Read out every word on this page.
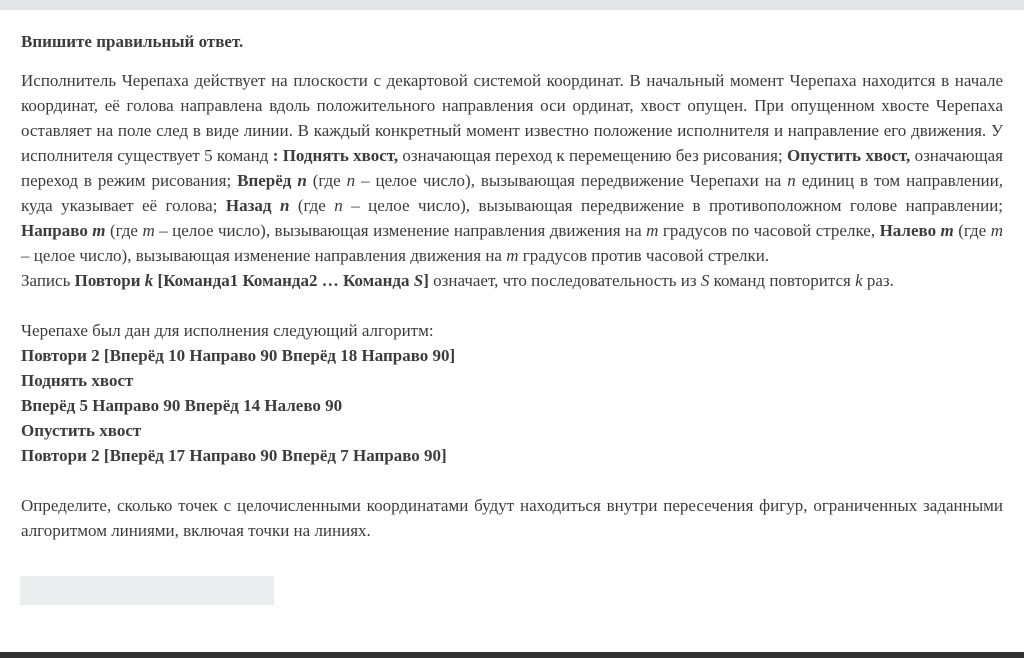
Впишите правильный ответ.

Исполнитель Черепаха действует на плоскости с декартовой системой координат. В начальный момент Черепаха находится в начале координат, её голова направлена вдоль положительного направления оси ординат, хвост опущен. При опущенном хвосте Черепаха оставляет на поле след в виде линии. В каждый конкретный момент известно положение исполнителя и направление его движения. У исполнителя существует 5 команд : Поднять хвост, означающая переход к перемещению без рисования; Опустить хвост, означающая переход в режим рисования; Вперёд n (где n – целое число), вызывающая передвижение Черепахи на n единиц в том направлении, куда указывает её голова; Назад n (где n – целое число), вызывающая передвижение в противоположном голове направлении; Направо m (где m – целое число), вызывающая изменение направления движения на m градусов по часовой стрелке, Налево m (где m – целое число), вызывающая изменение направления движения на m градусов против часовой стрелки.

Запись Повтори k [Команда1 Команда2 … Команда S] означает, что последовательность из S команд повторится k раз.

Черепахе был дан для исполнения следующий алгоритм:

Повтори 2 [Вперёд 10 Направо 90 Вперёд 18 Направо 90]
Поднять хвост
Вперёд 5 Направо 90 Вперёд 14 Налево 90
Опустить хвост
Повтори 2 [Вперёд 17 Направо 90 Вперёд 7 Направо 90]

Определите, сколько точек с целочисленными координатами будут находиться внутри пересечения фигур, ограниченных заданными алгоритмом линиями, включая точки на линиях.
